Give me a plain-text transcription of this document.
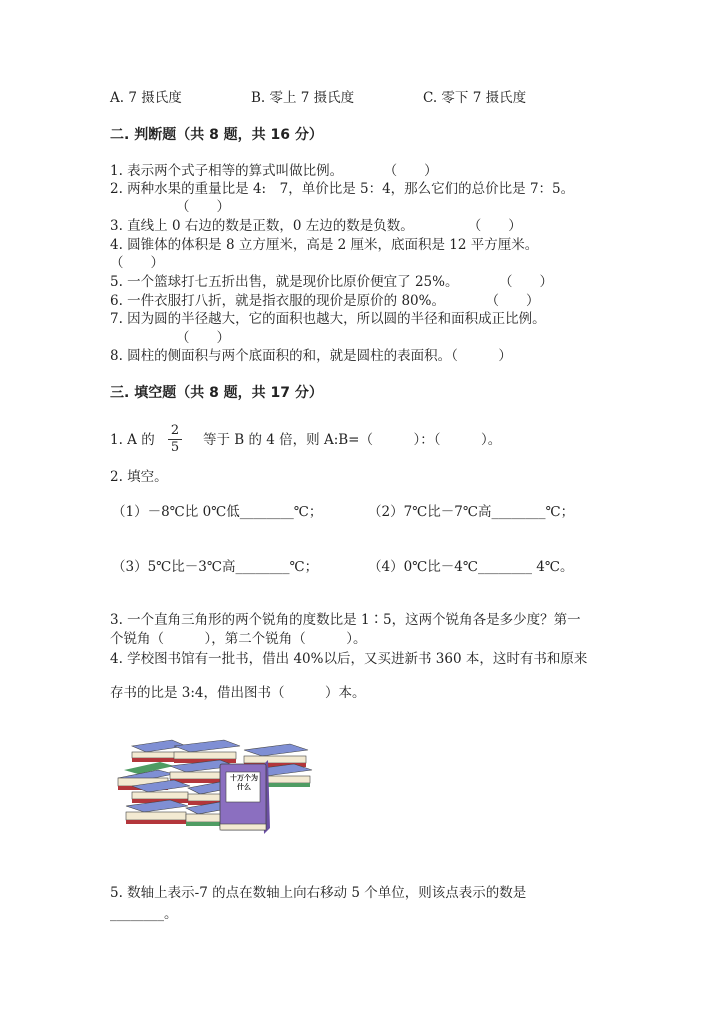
A. 7 摄氏度	B. 零上 7 摄氏度	C. 零下 7 摄氏度
二. 判断题（共 8 题，共 16 分）
1. 表示两个式子相等的算式叫做比例。　　　　（　　）
2. 两种水果的重量比是 4:　7，单价比是 5：4，那么它们的总价比是 7：5。
（　　）
3. 直线上 0 右边的数是正数，0 左边的数是负数。　　　　　（　　）
4. 圆锥体的体积是 8 立方厘米，高是 2 厘米，底面积是 12 平方厘米。
（　　）
5. 一个篮球打七五折出售，就是现价比原价便宜了 25%。　　　　（　　）
6. 一件衣服打八折，就是指衣服的现价是原价的 80%。　　　　（　　）
7. 因为圆的半径越大，它的面积也越大，所以圆的半径和面积成正比例。
（　　）
8. 圆柱的侧面积与两个底面积的和，就是圆柱的表面积。（　　　）
三. 填空题（共 8 题，共 17 分）
1. A 的
2
5 等于 B 的 4 倍，则 A:B=（　　　）：（　　　）。
2. 填空。
（1）－8℃比 0℃低________℃；	（2）7℃比－7℃高________℃；
（3）5℃比－3℃高________℃；	（4）0℃比－4℃________ 4℃。
3. 一个直角三角形的两个锐角的度数比是 1∶5，这两个锐角各是多少度？第一
个锐角（　　　），第二个锐角（　　　）。
4. 学校图书馆有一批书，借出 40%以后，又买进新书 360 本，这时有书和原来
存书的比是 3:4，借出图书（　　　）本。
十万个为什么
5. 数轴上表示-7 的点在数轴上向右移动 5 个单位，则该点表示的数是
________。
